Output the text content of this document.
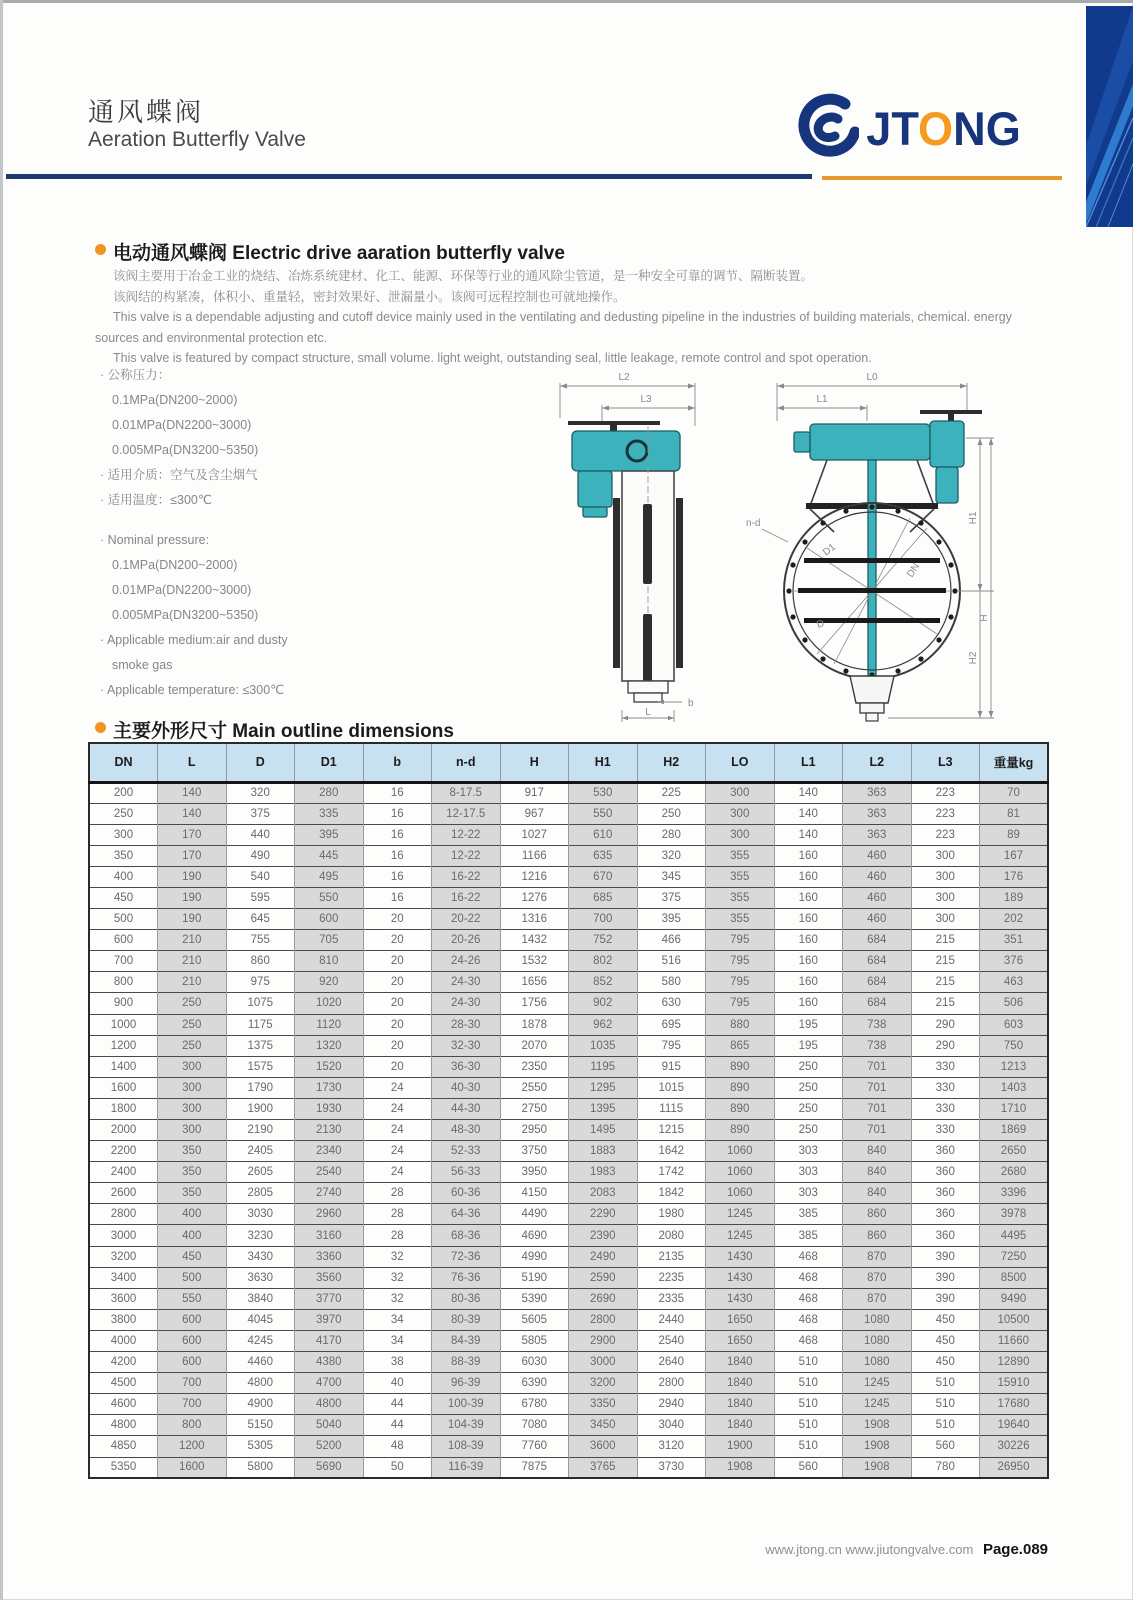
通风蝶阀
Aeration Butterfly Valve	JTONG
电动通风蝶阀 Electric drive aaration butterfly valve

该阀主要用于冶金工业的烧结、冶炼系统建材、化工、能源、环保等行业的通风除尘管道，是一种安全可靠的调节、隔断装置。

该阀结的构紧凑，体积小、重量轻，密封效果好、泄漏量小。该阀可远程控制也可就地操作。

This valve is a dependable adjusting and cutoff device mainly used in the ventilating and dedusting pipeline in the industries of building materials, chemical. energy sources and environmental protection etc.

This valve is featured by compact structure, small volume. light weight, outstanding seal, little leakage, remote control and spot operation.

· 公称压力：
0.1MPa(DN200~2000)
0.01MPa(DN2200~3000)
0.005MPa(DN3200~5350)
· 适用介质：空气及含尘烟气
· 适用温度：≤300℃
· Nominal pressure:
0.1MPa(DN200~2000)
0.01MPa(DN2200~3000)
0.005MPa(DN3200~5350)
· Applicable medium:air and dusty
smoke gas
· Applicable temperature: ≤300℃
L2
L3
b
L
L0
L1
n-d
D1
DN
D
H1
H
H2
主要外形尺寸 Main outline dimensions
DN	L	D	D1	b	n-d	H	H1	H2	LO	L1	L2	L3	重量kg
200	140	320	280	16	8-17.5	917	530	225	300	140	363	223	70
250	140	375	335	16	12-17.5	967	550	250	300	140	363	223	81
300	170	440	395	16	12-22	1027	610	280	300	140	363	223	89
350	170	490	445	16	12-22	1166	635	320	355	160	460	300	167
400	190	540	495	16	16-22	1216	670	345	355	160	460	300	176
450	190	595	550	16	16-22	1276	685	375	355	160	460	300	189
500	190	645	600	20	20-22	1316	700	395	355	160	460	300	202
600	210	755	705	20	20-26	1432	752	466	795	160	684	215	351
700	210	860	810	20	24-26	1532	802	516	795	160	684	215	376
800	210	975	920	20	24-30	1656	852	580	795	160	684	215	463
900	250	1075	1020	20	24-30	1756	902	630	795	160	684	215	506
1000	250	1175	1120	20	28-30	1878	962	695	880	195	738	290	603
1200	250	1375	1320	20	32-30	2070	1035	795	865	195	738	290	750
1400	300	1575	1520	20	36-30	2350	1195	915	890	250	701	330	1213
1600	300	1790	1730	24	40-30	2550	1295	1015	890	250	701	330	1403
1800	300	1900	1930	24	44-30	2750	1395	1115	890	250	701	330	1710
2000	300	2190	2130	24	48-30	2950	1495	1215	890	250	701	330	1869
2200	350	2405	2340	24	52-33	3750	1883	1642	1060	303	840	360	2650
2400	350	2605	2540	24	56-33	3950	1983	1742	1060	303	840	360	2680
2600	350	2805	2740	28	60-36	4150	2083	1842	1060	303	840	360	3396
2800	400	3030	2960	28	64-36	4490	2290	1980	1245	385	860	360	3978
3000	400	3230	3160	28	68-36	4690	2390	2080	1245	385	860	360	4495
3200	450	3430	3360	32	72-36	4990	2490	2135	1430	468	870	390	7250
3400	500	3630	3560	32	76-36	5190	2590	2235	1430	468	870	390	8500
3600	550	3840	3770	32	80-36	5390	2690	2335	1430	468	870	390	9490
3800	600	4045	3970	34	80-39	5605	2800	2440	1650	468	1080	450	10500
4000	600	4245	4170	34	84-39	5805	2900	2540	1650	468	1080	450	11660
4200	600	4460	4380	38	88-39	6030	3000	2640	1840	510	1080	450	12890
4500	700	4800	4700	40	96-39	6390	3200	2800	1840	510	1245	510	15910
4600	700	4900	4800	44	100-39	6780	3350	2940	1840	510	1245	510	17680
4800	800	5150	5040	44	104-39	7080	3450	3040	1840	510	1908	510	19640
4850	1200	5305	5200	48	108-39	7760	3600	3120	1900	510	1908	560	30226
5350	1600	5800	5690	50	116-39	7875	3765	3730	1908	560	1908	780	26950
www.jtong.cn www.jiutongvalve.com Page.089
